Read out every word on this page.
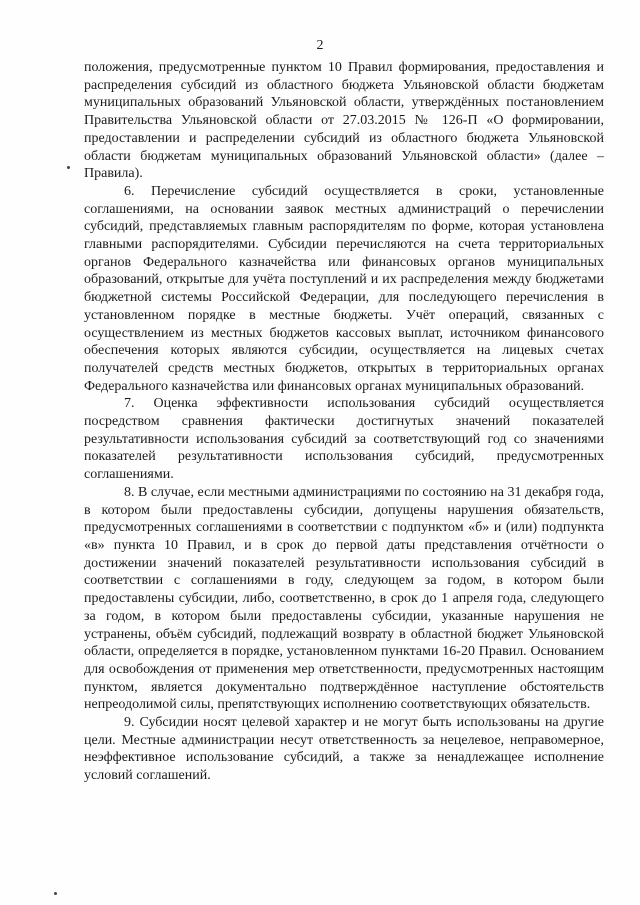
2

положения, предусмотренные пунктом 10 Правил формирования, предоставления и распределения субсидий из областного бюджета Ульяновской области бюджетам муниципальных образований Ульяновской области, утверждённых постановлением Правительства Ульяновской области от 27.03.2015 № 126-П «О формировании, предоставлении и распределении субсидий из областного бюджета Ульяновской области бюджетам муниципальных образований Ульяновской области» (далее – Правила).

6. Перечисление субсидий осуществляется в сроки, установленные соглашениями, на основании заявок местных администраций о перечислении субсидий, представляемых главным распорядителям по форме, которая установлена главными распорядителями. Субсидии перечисляются на счета территориальных органов Федерального казначейства или финансовых органов муниципальных образований, открытые для учёта поступлений и их распределения между бюджетами бюджетной системы Российской Федерации, для последующего перечисления в установленном порядке в местные бюджеты. Учёт операций, связанных с осуществлением из местных бюджетов кассовых выплат, источником финансового обеспечения которых являются субсидии, осуществляется на лицевых счетах получателей средств местных бюджетов, открытых в территориальных органах Федерального казначейства или финансовых органах муниципальных образований.

7. Оценка эффективности использования субсидий осуществляется посредством сравнения фактически достигнутых значений показателей результативности использования субсидий за соответствующий год со значениями показателей результативности использования субсидий, предусмотренных соглашениями.

8. В случае, если местными администрациями по состоянию на 31 декабря года, в котором были предоставлены субсидии, допущены нарушения обязательств, предусмотренных соглашениями в соответствии с подпунктом «б» и (или) подпункта «в» пункта 10 Правил, и в срок до первой даты представления отчётности о достижении значений показателей результативности использования субсидий в соответствии с соглашениями в году, следующем за годом, в котором были предоставлены субсидии, либо, соответственно, в срок до 1 апреля года, следующего за годом, в котором были предоставлены субсидии, указанные нарушения не устранены, объём субсидий, подлежащий возврату в областной бюджет Ульяновской области, определяется в порядке, установленном пунктами 16-20 Правил. Основанием для освобождения от применения мер ответственности, предусмотренных настоящим пунктом, является документально подтверждённое наступление обстоятельств непреодолимой силы, препятствующих исполнению соответствующих обязательств.

9. Субсидии носят целевой характер и не могут быть использованы на другие цели. Местные администрации несут ответственность за нецелевое, неправомерное, неэффективное использование субсидий, а также за ненадлежащее исполнение условий соглашений.
